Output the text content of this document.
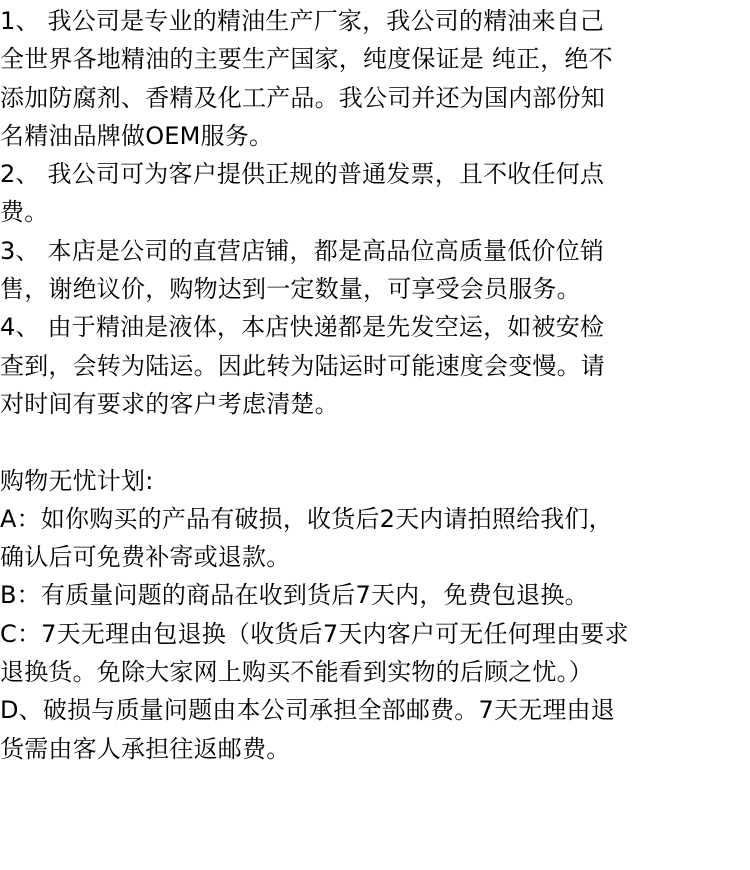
1、 我公司是专业的精油生产厂家，我公司的精油来自己

全世界各地精油的主要生产国家，纯度保证是 纯正，绝不

添加防腐剂、香精及化工产品。我公司并还为国内部份知

名精油品牌做OEM服务。

2、 我公司可为客户提供正规的普通发票，且不收任何点

费。

3、 本店是公司的直营店铺，都是高品位高质量低价位销

售，谢绝议价，购物达到一定数量，可享受会员服务。

4、 由于精油是液体，本店快递都是先发空运，如被安检

查到，会转为陆运。因此转为陆运时可能速度会变慢。请

对时间有要求的客户考虑清楚。

购物无忧计划:

A：如你购买的产品有破损，收货后2天内请拍照给我们，

确认后可免费补寄或退款。

B：有质量问题的商品在收到货后7天内，免费包退换。

C：7天无理由包退换（收货后7天内客户可无任何理由要求

退换货。免除大家网上购买不能看到实物的后顾之忧。）

D、破损与质量问题由本公司承担全部邮费。7天无理由退

货需由客人承担往返邮费。
